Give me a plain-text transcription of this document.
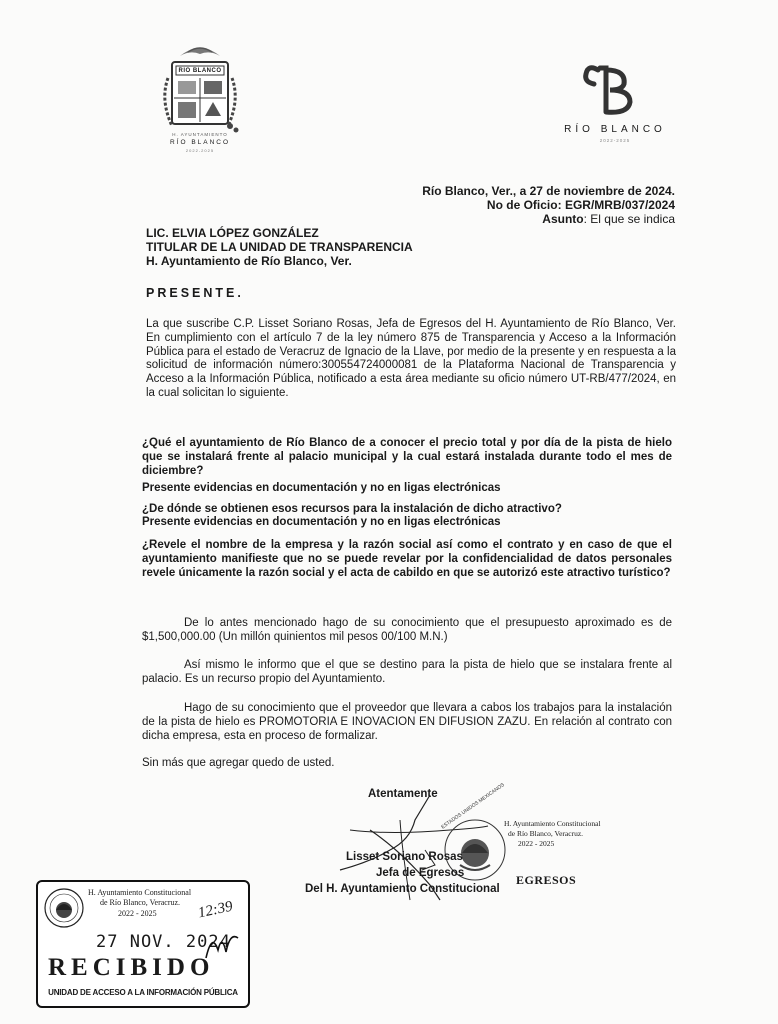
RIO BLANCO
H. AYUNTAMIENTO
RÍO BLANCO
2022-2025
RÍO BLANCO
2022-2025
Río Blanco, Ver., a 27 de noviembre de 2024.
No de Oficio: EGR/MRB/037/2024
Asunto: El que se indica
LIC. ELVIA LÓPEZ GONZÁLEZ
TITULAR DE LA UNIDAD DE TRANSPARENCIA
H. Ayuntamiento de Río Blanco, Ver.
PRESENTE.
La que suscribe C.P. Lisset Soriano Rosas, Jefa de Egresos del H. Ayuntamiento de Río Blanco, Ver. En cumplimiento con el artículo 7 de la ley número 875 de Transparencia y Acceso a la Información Pública para el estado de Veracruz de Ignacio de la Llave, por medio de la presente y en respuesta a la solicitud de información número:300554724000081 de la Plataforma Nacional de Transparencia y Acceso a la Información Pública, notificado a esta área mediante su oficio número UT-RB/477/2024, en la cual solicitan lo siguiente.
¿Qué el ayuntamiento de Río Blanco de a conocer el precio total y por día de la pista de hielo que se instalará frente al palacio municipal y la cual estará instalada durante todo el mes de diciembre?
Presente evidencias en documentación y no en ligas electrónicas
¿De dónde se obtienen esos recursos para la instalación de dicho atractivo?
Presente evidencias en documentación y no en ligas electrónicas
¿Revele el nombre de la empresa y la razón social así como el contrato y en caso de que el ayuntamiento manifieste que no se puede revelar por la confidencialidad de datos personales revele únicamente la razón social y el acta de cabildo en que se autorizó este atractivo turístico?
De lo antes mencionado hago de su conocimiento que el presupuesto aproximado es de $1,500,000.00 (Un millón quinientos mil pesos 00/100 M.N.)
Así mismo le informo que el que se destino para la pista de hielo que se instalara frente al palacio. Es un recurso propio del Ayuntamiento.
Hago de su conocimiento que el proveedor que llevara a cabos los trabajos para la instalación de la pista de hielo es PROMOTORIA E INOVACION EN DIFUSION ZAZU. En relación al contrato con dicha empresa, esta en proceso de formalizar.
Sin más que agregar quedo de usted.
Atentamente ESTADOS UNIDOS MEXICANOS
H. Ayuntamiento Constitucional
de Río Blanco, Veracruz.
2022 - 2025
EGRESOS
Lisset Soriano Rosas
Jefa de Egresos
Del H. Ayuntamiento Constitucional
H. Ayuntamiento Constitucional
de Río Blanco, Veracruz.
2022 - 2025	12:39
27 NOV. 2024
RECIBIDO
UNIDAD DE ACCESO A LA INFORMACIÓN PÚBLICA
